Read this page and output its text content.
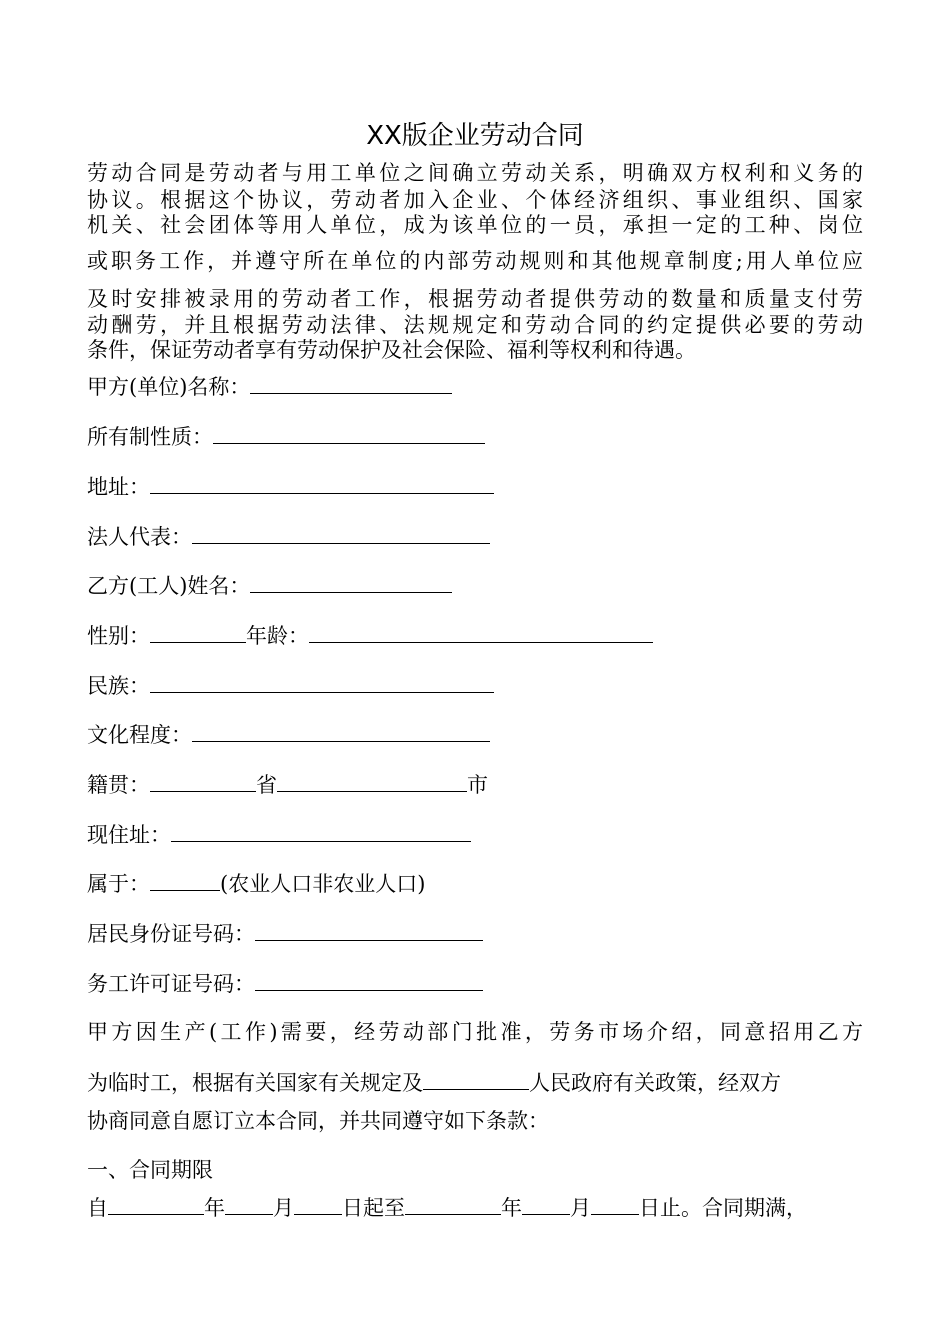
XX版企业劳动合同
劳动合同是劳动者与用工单位之间确立劳动关系，明确双方权利和义务的
协议。根据这个协议，劳动者加入企业、个体经济组织、事业组织、国家
机关、社会团体等用人单位，成为该单位的一员，承担一定的工种、岗位
或职务工作，并遵守所在单位的内部劳动规则和其他规章制度;用人单位应
及时安排被录用的劳动者工作，根据劳动者提供劳动的数量和质量支付劳
动酬劳，并且根据劳动法律、法规规定和劳动合同的约定提供必要的劳动
条件，保证劳动者享有劳动保护及社会保险、福利等权利和待遇。
甲方(单位)名称：
所有制性质：
地址：
法人代表：
乙方(工人)姓名：
性别：	年龄：
民族：
文化程度：
籍贯：	省	市
现住址：
属于：	(农业人口非农业人口)
居民身份证号码：
务工许可证号码：
甲方因生产(工作)需要，经劳动部门批准，劳务市场介绍，同意招用乙方
为临时工，根据有关国家有关规定及	人民政府有关政策，经双方
协商同意自愿订立本合同，并共同遵守如下条款：
一、合同期限
自	年 月 日起至	年 月 日止。合同期满，
